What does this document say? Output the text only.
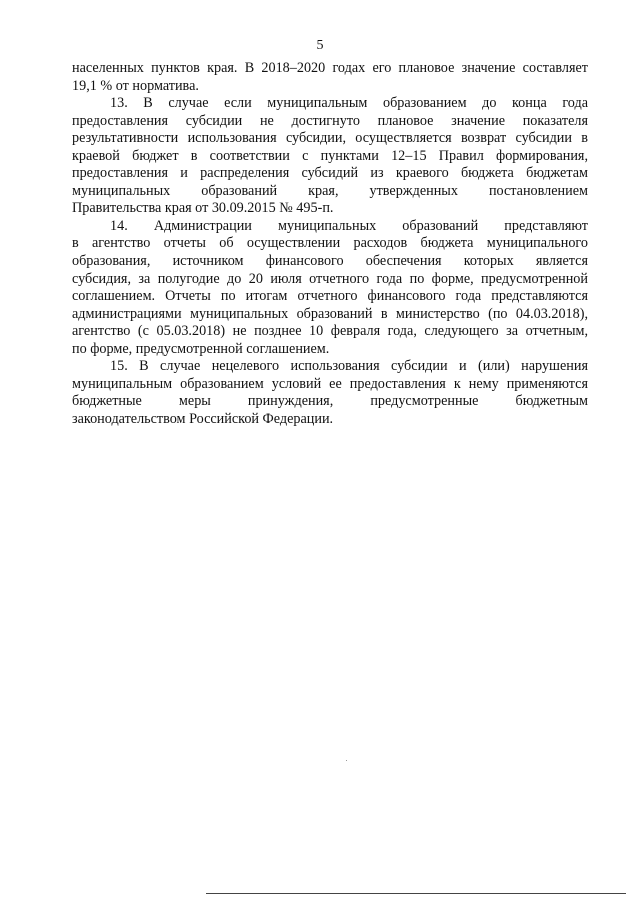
5
населенных пунктов края. В 2018–2020 годах его плановое значение составляет
19,1 % от норматива.
13. В случае если муниципальным образованием до конца года
предоставления субсидии не достигнуто плановое значение показателя
результативности использования субсидии, осуществляется возврат субсидии в
краевой бюджет в соответствии с пунктами 12–15 Правил формирования,
предоставления и распределения субсидий из краевого бюджета бюджетам
муниципальных образований края, утвержденных постановлением
Правительства края от 30.09.2015 № 495-п.
14. Администрации муниципальных образований представляют
в агентство отчеты об осуществлении расходов бюджета муниципального
образования, источником финансового обеспечения которых является
субсидия, за полугодие до 20 июля отчетного года по форме, предусмотренной
соглашением. Отчеты по итогам отчетного финансового года представляются
администрациями муниципальных образований в министерство (по 04.03.2018),
агентство (с 05.03.2018) не позднее 10 февраля года, следующего за отчетным,
по форме, предусмотренной соглашением.
15. В случае нецелевого использования субсидии и (или) нарушения
муниципальным образованием условий ее предоставления к нему применяются
бюджетные меры принуждения, предусмотренные бюджетным
законодательством Российской Федерации.
